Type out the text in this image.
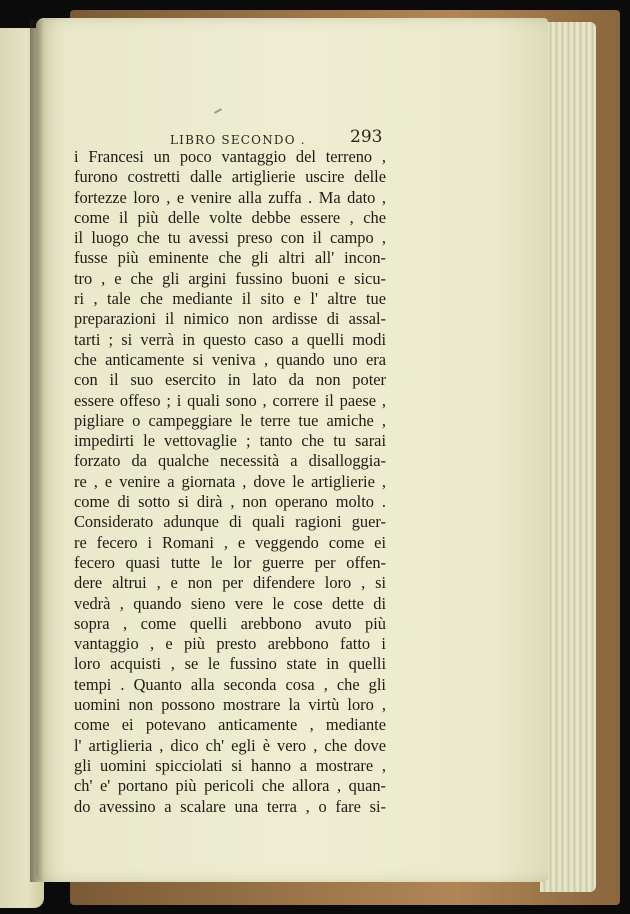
LIBRO SECONDO .	293
i Francesi un poco vantaggio del terreno ,
furono costretti dalle artiglierie uscire delle
fortezze loro , e venire alla zuffa . Ma dato ,
come il più delle volte debbe essere , che
il luogo che tu avessi preso con il campo ,
fusse più eminente che gli altri all' incon-
tro , e che gli argini fussino buoni e sicu-
ri , tale che mediante il sito e l' altre tue
preparazioni il nimico non ardisse di assal-
tarti ; si verrà in questo caso a quelli modi
che anticamente si veniva , quando uno era
con il suo esercito in lato da non poter
essere offeso ; i quali sono , correre il paese ,
pigliare o campeggiare le terre tue amiche ,
impedirti le vettovaglie ; tanto che tu sarai
forzato da qualche necessità a disalloggia-
re , e venire a giornata , dove le artiglierie ,
come di sotto si dirà , non operano molto .
Considerato adunque di quali ragioni guer-
re fecero i Romani , e veggendo come ei
fecero quasi tutte le lor guerre per offen-
dere altrui , e non per difendere loro , si
vedrà , quando sieno vere le cose dette di
sopra , come quelli arebbono avuto più
vantaggio , e più presto arebbono fatto i
loro acquisti , se le fussino state in quelli
tempi . Quanto alla seconda cosa , che gli
uomini non possono mostrare la virtù loro ,
come ei potevano anticamente , mediante
l' artiglieria , dico ch' egli è vero , che dove
gli uomini spicciolati si hanno a mostrare ,
ch' e' portano più pericoli che allora , quan-
do avessino a scalare una terra , o fare si-
